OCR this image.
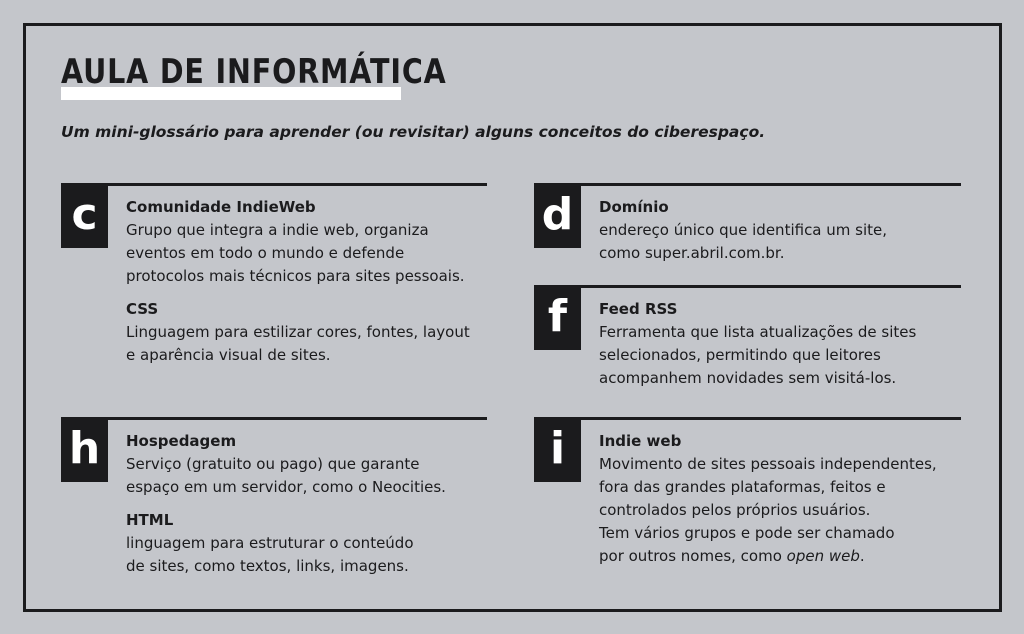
AULA DE INFORMÁTICA

Um mini-glossário para aprender (ou revisitar) alguns conceitos do ciberespaço.

c	Comunidade IndieWeb
Grupo que integra a indie web, organiza
eventos em todo o mundo e defende
protocolos mais técnicos para sites pessoais.
CSS
Linguagem para estilizar cores, fontes, layout
e aparência visual de sites.
d	Domínio
endereço único que identifica um site,
como super.abril.com.br.
f	Feed RSS
Ferramenta que lista atualizações de sites
selecionados, permitindo que leitores
acompanhem novidades sem visitá-los.
h	Hospedagem
Serviço (gratuito ou pago) que garante
espaço em um servidor, como o Neocities.
HTML
linguagem para estruturar o conteúdo
de sites, como textos, links, imagens.
i	Indie web
Movimento de sites pessoais independentes,
fora das grandes plataformas, feitos e
controlados pelos próprios usuários.
Tem vários grupos e pode ser chamado
por outros nomes, como open web.
